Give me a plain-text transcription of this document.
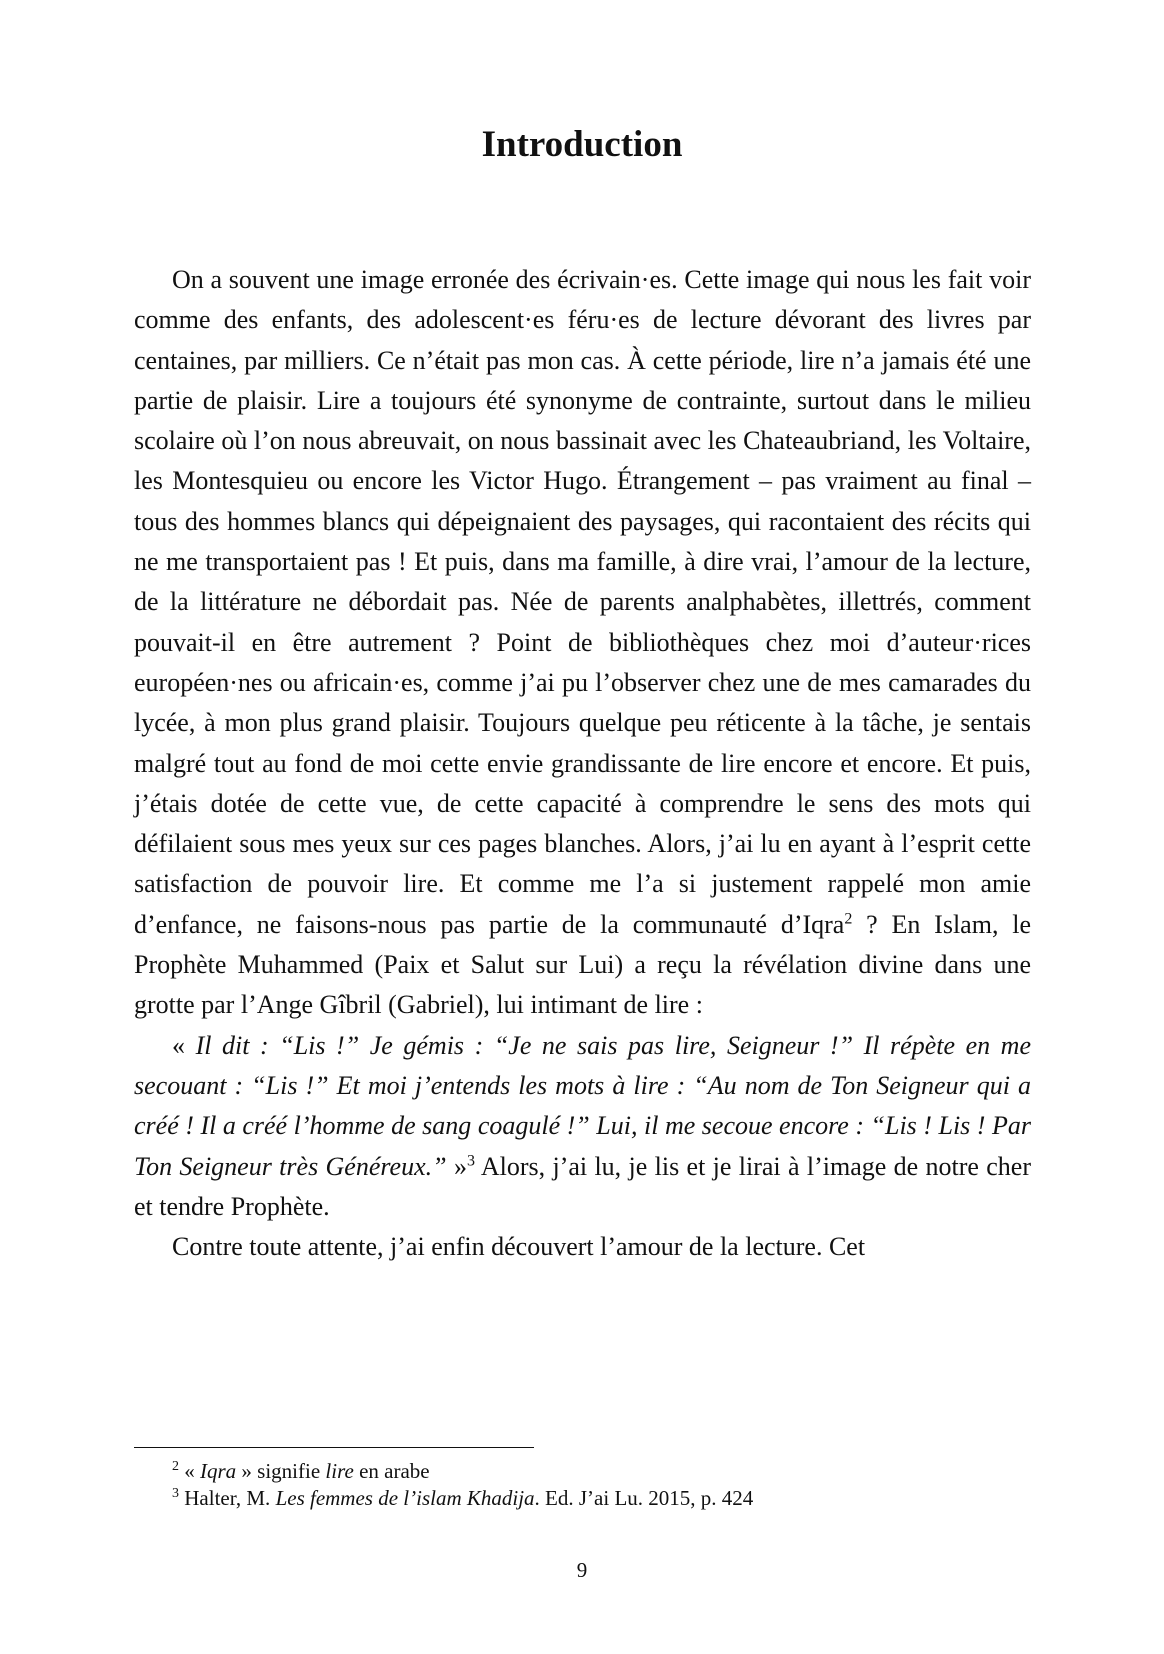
Introduction

On a souvent une image erronée des écrivain·es. Cette image qui nous les fait voir comme des enfants, des adolescent·es féru·es de lecture dévorant des livres par centaines, par milliers. Ce n’était pas mon cas. À cette période, lire n’a jamais été une partie de plaisir. Lire a toujours été synonyme de contrainte, surtout dans le milieu scolaire où l’on nous abreuvait, on nous bassinait avec les Chateaubriand, les Voltaire, les Montesquieu ou encore les Victor Hugo. Étrangement – pas vraiment au final – tous des hommes blancs qui dépeignaient des paysages, qui racontaient des récits qui ne me transportaient pas ! Et puis, dans ma famille, à dire vrai, l’amour de la lecture, de la littérature ne débordait pas. Née de parents analphabètes, illettrés, comment pouvait-il en être autrement ? Point de bibliothèques chez moi d’auteur·rices européen·nes ou africain·es, comme j’ai pu l’observer chez une de mes camarades du lycée, à mon plus grand plaisir. Toujours quelque peu réticente à la tâche, je sentais malgré tout au fond de moi cette envie grandissante de lire encore et encore. Et puis, j’étais dotée de cette vue, de cette capacité à comprendre le sens des mots qui défilaient sous mes yeux sur ces pages blanches. Alors, j’ai lu en ayant à l’esprit cette satisfaction de pouvoir lire. Et comme me l’a si justement rappelé mon amie d’enfance, ne faisons-nous pas partie de la communauté d’Iqra$^2$ ? En Islam, le Prophète Muhammed (Paix et Salut sur Lui) a reçu la révélation divine dans une grotte par l’Ange Gîbril (Gabriel), lui intimant de lire :

« Il dit : “Lis !” Je gémis : “Je ne sais pas lire, Seigneur !” Il répète en me secouant : “Lis !” Et moi j’entends les mots à lire : “Au nom de Ton Seigneur qui a créé ! Il a créé l’homme de sang coagulé !” Lui, il me secoue encore : “Lis ! Lis ! Par Ton Seigneur très Généreux.” »$^3$ Alors, j’ai lu, je lis et je lirai à l’image de notre cher et tendre Prophète.

Contre toute attente, j’ai enfin découvert l’amour de la lecture. Cet

$^2$ « Iqra » signifie lire en arabe

$^3$ Halter, M. Les femmes de l’islam Khadija. Ed. J’ai Lu. 2015, p. 424

9
